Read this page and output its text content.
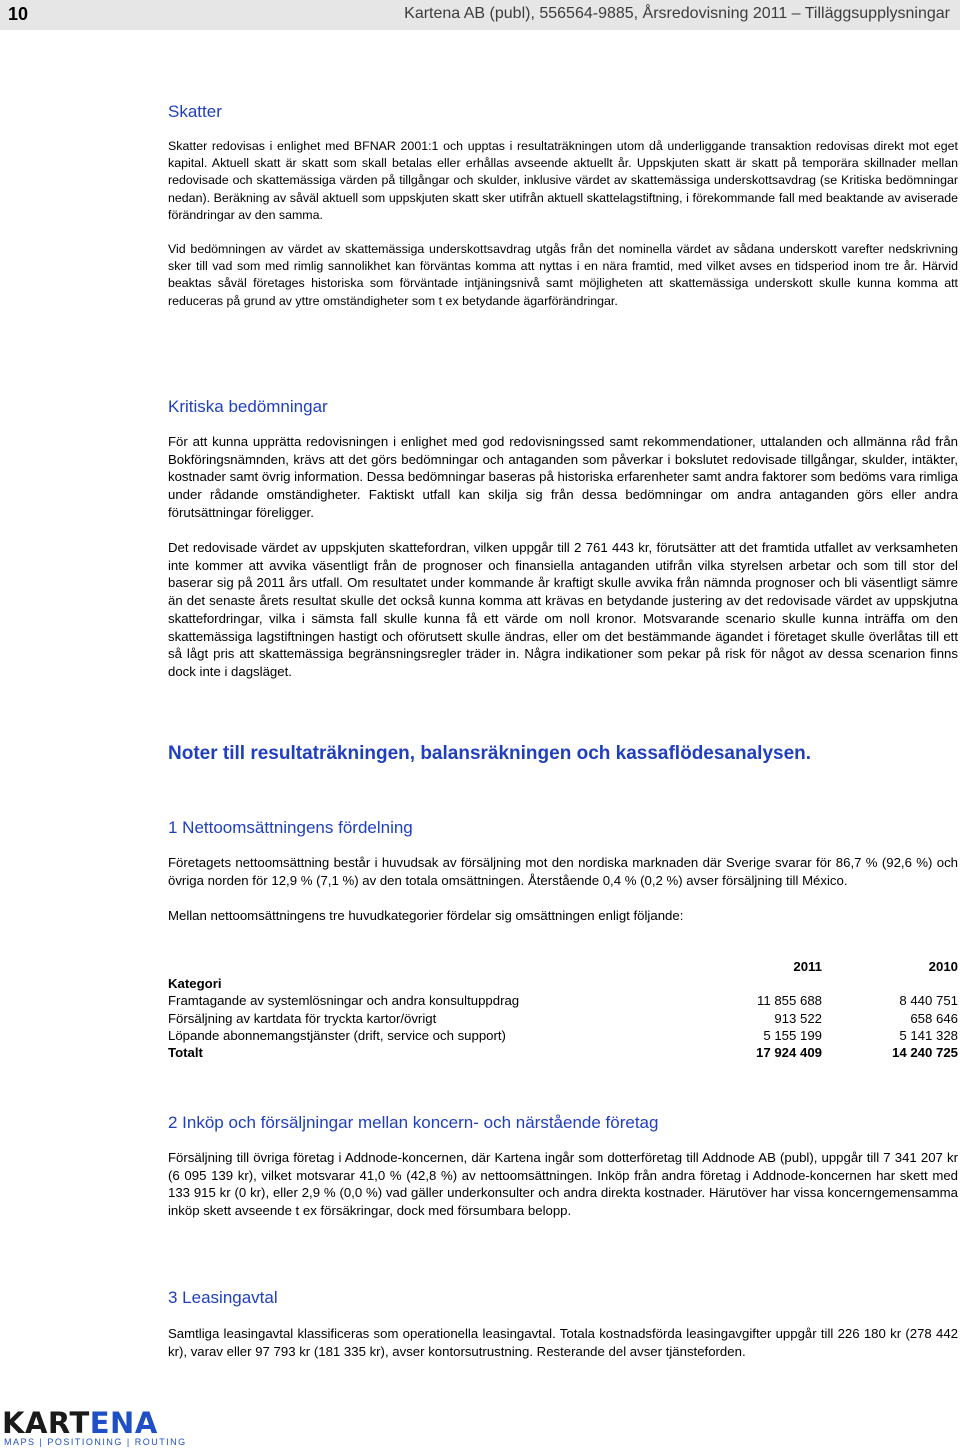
10	Kartena AB (publ), 556564-9885, Årsredovisning 2011 – Tilläggsupplysningar
Skatter

Skatter redovisas i enlighet med BFNAR 2001:1 och upptas i resultaträkningen utom då underliggande transaktion redovisas direkt mot eget kapital. Aktuell skatt är skatt som skall betalas eller erhållas avseende aktuellt år. Uppskjuten skatt är skatt på temporära skillnader mellan redovisade och skattemässiga värden på tillgångar och skulder, inklusive värdet av skattemässiga underskottsavdrag (se Kritiska bedömningar nedan). Beräkning av såväl aktuell som uppskjuten skatt sker utifrån aktuell skattelagstiftning, i förekommande fall med beaktande av aviserade förändringar av den samma.

Vid bedömningen av värdet av skattemässiga underskottsavdrag utgås från det nominella värdet av sådana underskott varefter nedskrivning sker till vad som med rimlig sannolikhet kan förväntas komma att nyttas i en nära framtid, med vilket avses en tidsperiod inom tre år. Härvid beaktas såväl företages historiska som förväntade intjäningsnivå samt möjligheten att skattemässiga underskott skulle kunna komma att reduceras på grund av yttre omständigheter som t ex betydande ägarförändringar.

Kritiska bedömningar

För att kunna upprätta redovisningen i enlighet med god redovisningssed samt rekommendationer, uttalanden och allmänna råd från Bokföringsnämnden, krävs att det görs bedömningar och antaganden som påverkar i bokslutet redovisade tillgångar, skulder, intäkter, kostnader samt övrig information. Dessa bedömningar baseras på historiska erfarenheter samt andra faktorer som bedöms vara rimliga under rådande omständigheter. Faktiskt utfall kan skilja sig från dessa bedömningar om andra antaganden görs eller andra förutsättningar föreligger.

Det redovisade värdet av uppskjuten skattefordran, vilken uppgår till 2 761 443 kr, förutsätter att det framtida utfallet av verksamheten inte kommer att avvika väsentligt från de prognoser och finansiella antaganden utifrån vilka styrelsen arbetar och som till stor del baserar sig på 2011 års utfall. Om resultatet under kommande år kraftigt skulle avvika från nämnda prognoser och bli väsentligt sämre än det senaste årets resultat skulle det också kunna komma att krävas en betydande justering av det redovisade värdet av uppskjutna skattefordringar, vilka i sämsta fall skulle kunna få ett värde om noll kronor. Motsvarande scenario skulle kunna inträffa om den skattemässiga lagstiftningen hastigt och oförutsett skulle ändras, eller om det bestämmande ägandet i företaget skulle överlåtas till ett så lågt pris att skattemässiga begränsningsregler träder in. Några indikationer som pekar på risk för något av dessa scenarion finns dock inte i dagsläget.

Noter till resultaträkningen, balansräkningen och kassaflödesanalysen.
1 Nettoomsättningens fördelning

Företagets nettoomsättning består i huvudsak av försäljning mot den nordiska marknaden där Sverige svarar för 86,7 % (92,6 %) och övriga norden för 12,9 % (7,1 %) av den totala omsättningen. Återstående 0,4 % (0,2 %) avser försäljning till México.

Mellan nettoomsättningens tre huvudkategorier fördelar sig omsättningen enligt följande:

	2011	2010
Kategori		
Framtagande av systemlösningar och andra konsultuppdrag	11 855 688	8 440 751
Försäljning av kartdata för tryckta kartor/övrigt	913 522	658 646
Löpande abonnemangstjänster (drift, service och support)	5 155 199	5 141 328
Totalt	17 924 409	14 240 725
2 Inköp och försäljningar mellan koncern- och närstående företag

Försäljning till övriga företag i Addnode-koncernen, där Kartena ingår som dotterföretag till Addnode AB (publ), uppgår till 7 341 207 kr (6 095 139 kr), vilket motsvarar 41,0 % (42,8 %) av nettoomsättningen. Inköp från andra företag i Addnode-koncernen har skett med 133 915 kr (0 kr), eller 2,9 % (0,0 %) vad gäller underkonsulter och andra direkta kostnader. Härutöver har vissa koncerngemensamma inköp skett avseende t ex försäkringar, dock med försumbara belopp.

3 Leasingavtal

Samtliga leasingavtal klassificeras som operationella leasingavtal. Totala kostnadsförda leasingavgifter uppgår till 226 180 kr (278 442 kr), varav eller 97 793 kr (181 335 kr), avser kontorsutrustning. Resterande del avser tjänsteforden.

KARTENA
MAPS | POSITIONING | ROUTING
